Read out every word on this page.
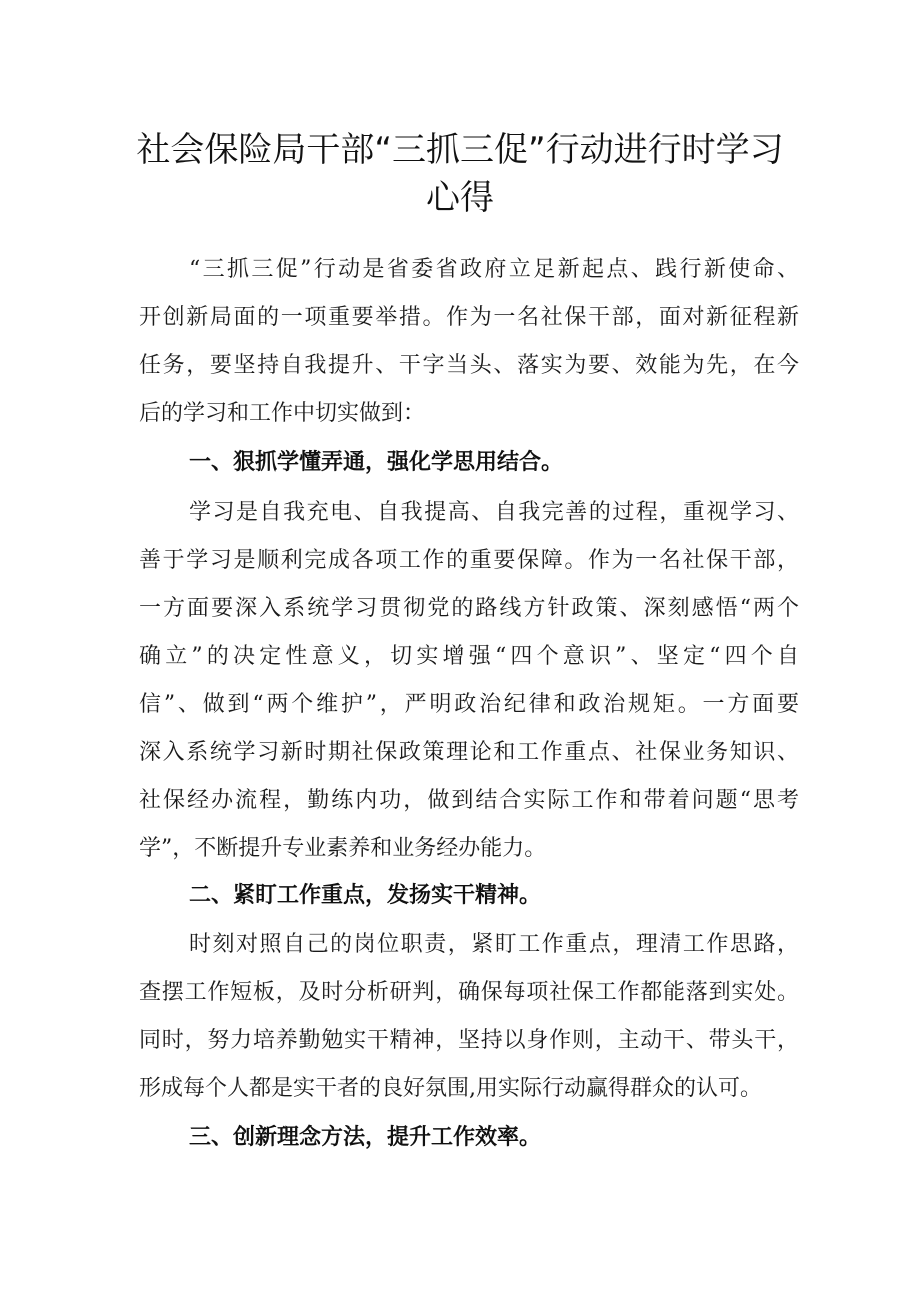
社会保险局干部“三抓三促”行动进行时学习
心得
“三抓三促”行动是省委省政府立足新起点、践行新使命、
开创新局面的一项重要举措。作为一名社保干部，面对新征程新
任务，要坚持自我提升、干字当头、落实为要、效能为先，在今
后的学习和工作中切实做到：
一、狠抓学懂弄通，强化学思用结合。
学习是自我充电、自我提高、自我完善的过程，重视学习、
善于学习是顺利完成各项工作的重要保障。作为一名社保干部，
一方面要深入系统学习贯彻党的路线方针政策、深刻感悟“两个
确立”的决定性意义，切实增强“四个意识”、坚定“四个自
信”、做到“两个维护”，严明政治纪律和政治规矩。一方面要
深入系统学习新时期社保政策理论和工作重点、社保业务知识、
社保经办流程，勤练内功，做到结合实际工作和带着问题“思考
学”，不断提升专业素养和业务经办能力。
二、紧盯工作重点，发扬实干精神。
时刻对照自己的岗位职责，紧盯工作重点，理清工作思路，
查摆工作短板，及时分析研判，确保每项社保工作都能落到实处。
同时，努力培养勤勉实干精神，坚持以身作则，主动干、带头干，
形成每个人都是实干者的良好氛围,用实际行动赢得群众的认可。
三、创新理念方法，提升工作效率。
